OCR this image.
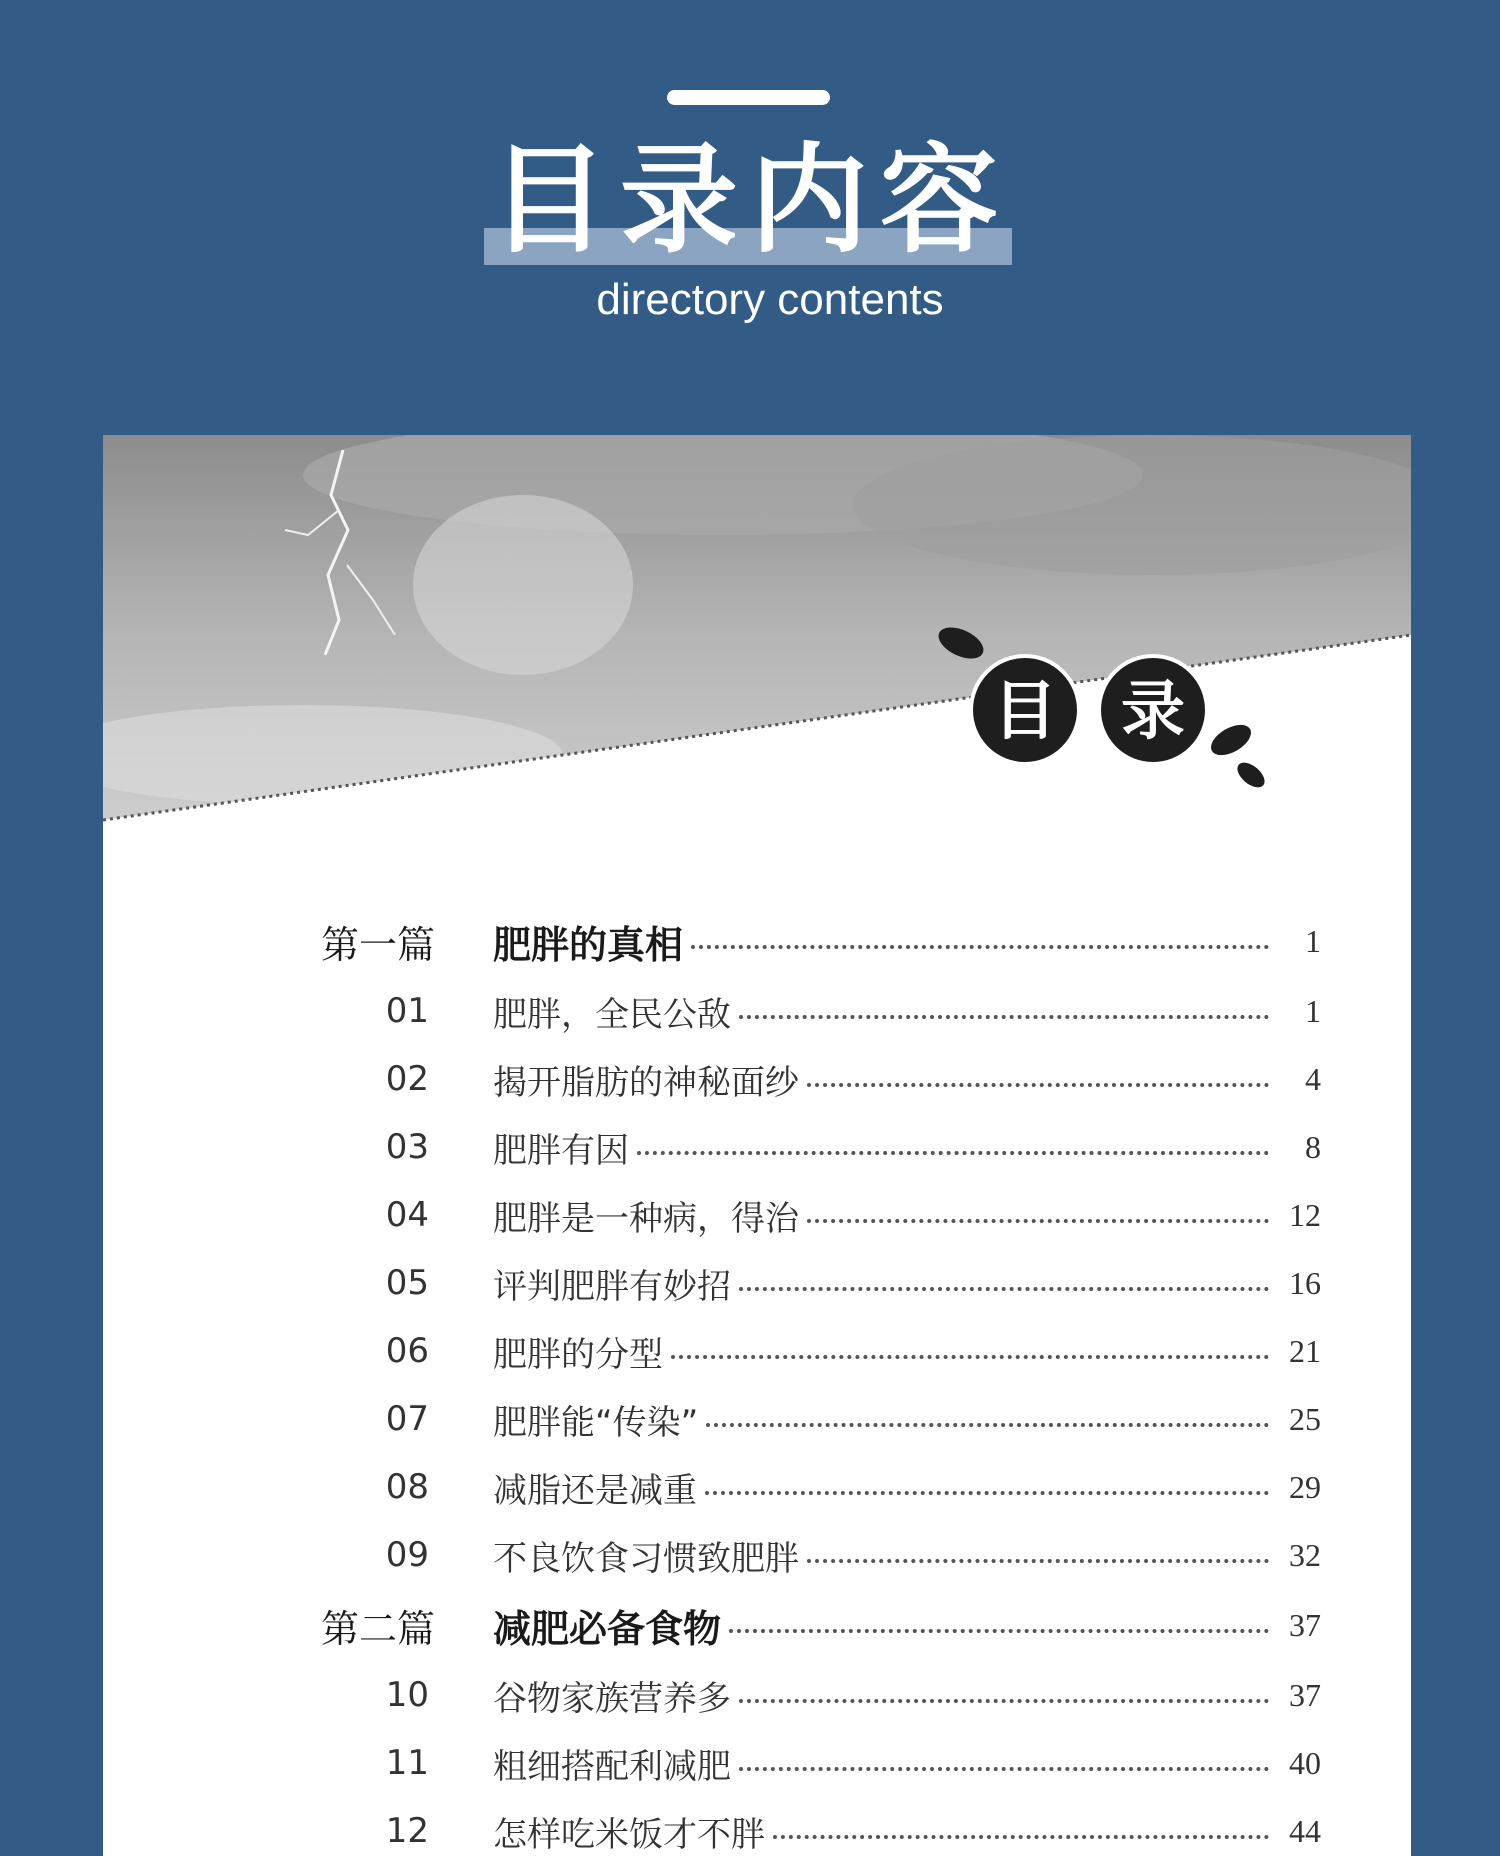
目录内容
directory contents
目 录
第一篇	肥胖的真相	1
01	肥胖，全民公敌	1
02	揭开脂肪的神秘面纱	4
03	肥胖有因	8
04	肥胖是一种病，得治	12
05	评判肥胖有妙招	16
06	肥胖的分型	21
07	肥胖能“传染”	25
08	减脂还是减重	29
09	不良饮食习惯致肥胖	32
第二篇	减肥必备食物	37
10	谷物家族营养多	37
11	粗细搭配利减肥	40
12	怎样吃米饭才不胖	44
